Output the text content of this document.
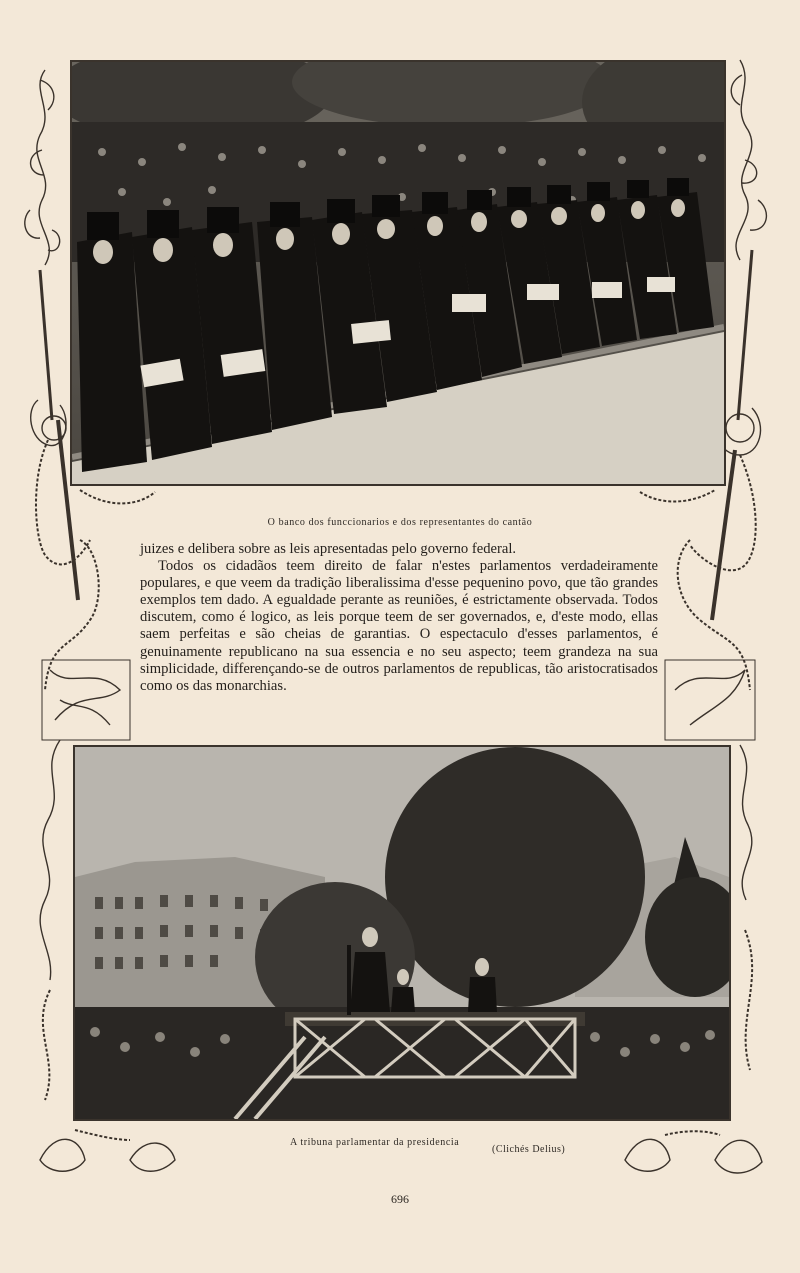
O banco dos funccionarios e dos representantes do cantão

juizes e delibera sobre as leis apresentadas pelo governo federal.

Todos os cidadãos teem direito de falar n'estes parlamentos verdadeiramente populares, e que veem da tradição liberalissima d'esse pequenino povo, que tão grandes exemplos tem dado. A egualdade perante as reuniões, é estrictamente observada. Todos discutem, como é logico, as leis porque teem de ser governados, e, d'este modo, ellas saem perfeitas e são cheias de garantias. O espectaculo d'esses parlamentos, é genuinamente republicano na sua essencia e no seu aspecto; teem grandeza na sua simplicidade, differençando-se de outros parlamentos de republicas, tão aristocratisados como os das monarchias.

A tribuna parlamentar da presidencia
(Clichés Delius)
696
